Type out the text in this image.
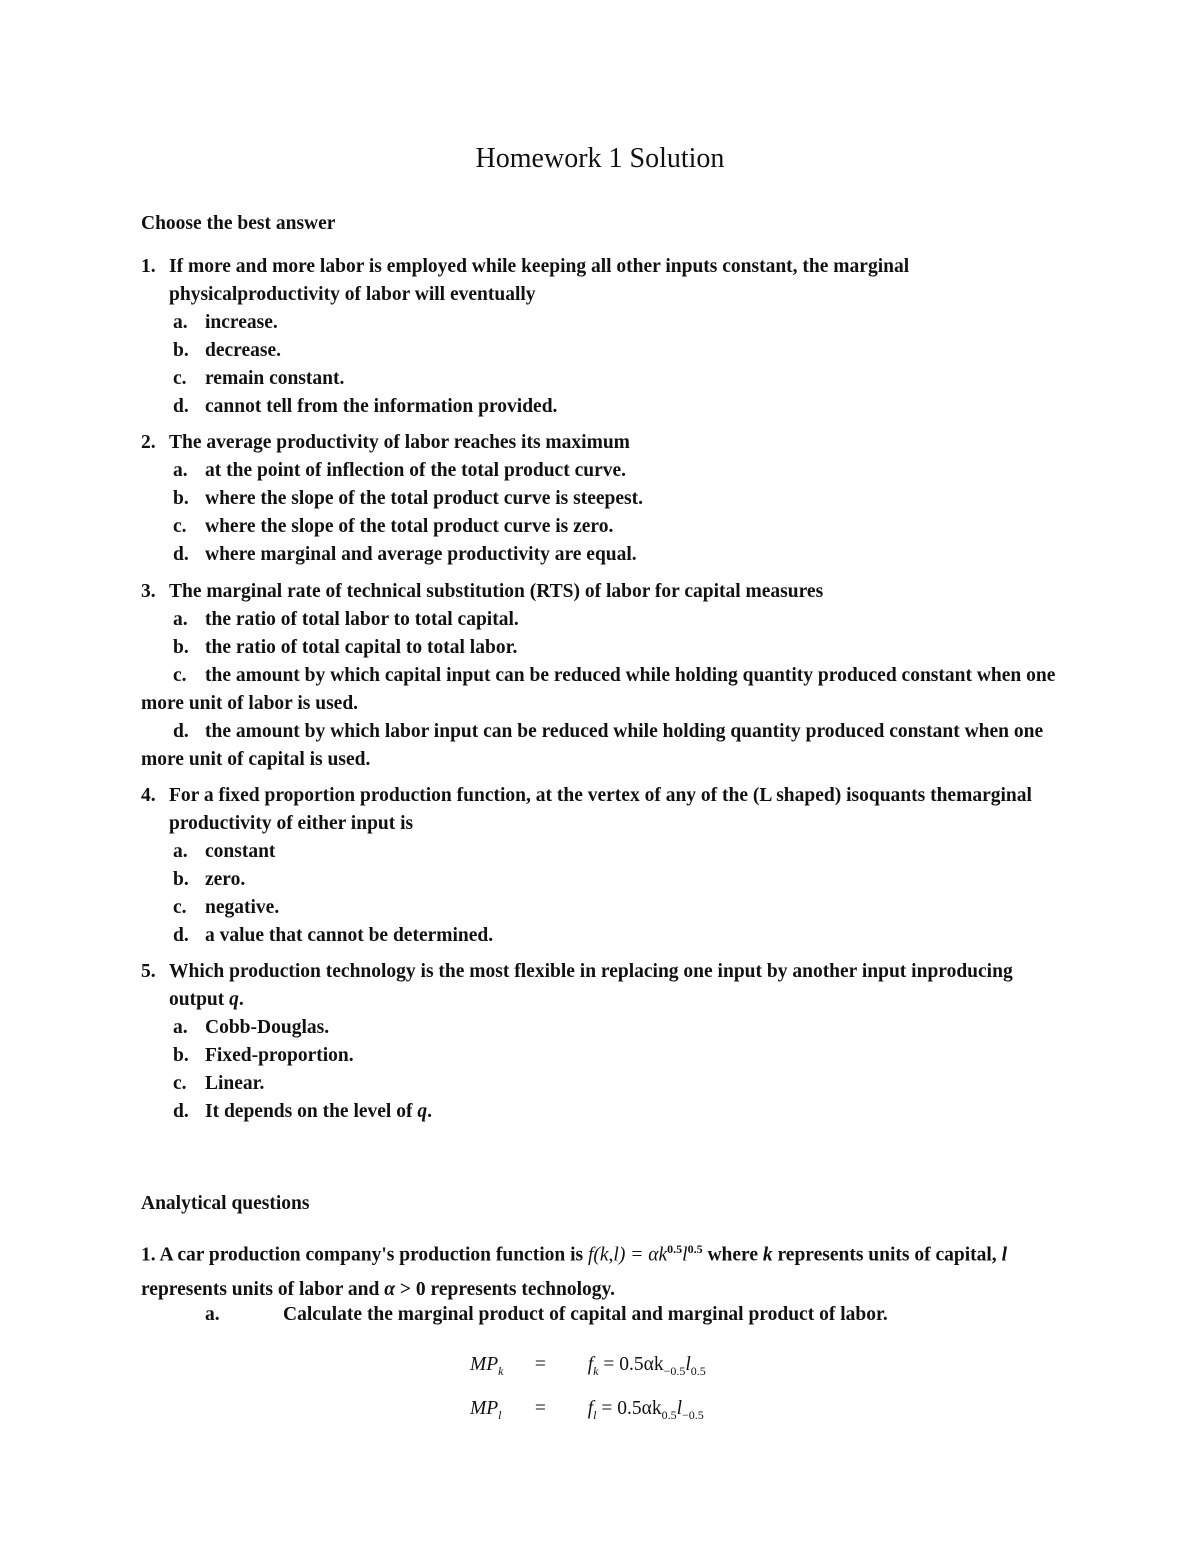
Homework 1 Solution
Choose the best answer
1. If more and more labor is employed while keeping all other inputs constant, the marginal physicalproductivity of labor will eventually
a. increase.
b. decrease.
c. remain constant.
d. cannot tell from the information provided.
2. The average productivity of labor reaches its maximum
a. at the point of inflection of the total product curve.
b. where the slope of the total product curve is steepest.
c. where the slope of the total product curve is zero.
d. where marginal and average productivity are equal.
3. The marginal rate of technical substitution (RTS) of labor for capital measures
a. the ratio of total labor to total capital.
b. the ratio of total capital to total labor.
c. the amount by which capital input can be reduced while holding quantity produced constant when one more unit of labor is used.
d. the amount by which labor input can be reduced while holding quantity produced constant when one more unit of capital is used.
4. For a fixed proportion production function, at the vertex of any of the (L shaped) isoquants themarginal productivity of either input is
a. constant
b. zero.
c. negative.
d. a value that cannot be determined.
5. Which production technology is the most flexible in replacing one input by another input inproducing output q.
a. Cobb-Douglas.
b. Fixed-proportion.
c. Linear.
d. It depends on the level of q.
Analytical questions
1. A car production company's production function is $f(k,l) = \alpha k^{0.5}l^{0.5}$ where k represents units of capital, l represents units of labor and α > 0 represents technology.
a.	Calculate the marginal product of capital and marginal product of labor.
$MP_k = f_k = 0.5\alpha k_{-0.5}l_{0.5}$
$MP_l = f_l = 0.5\alpha k_{0.5}l_{-0.5}$
